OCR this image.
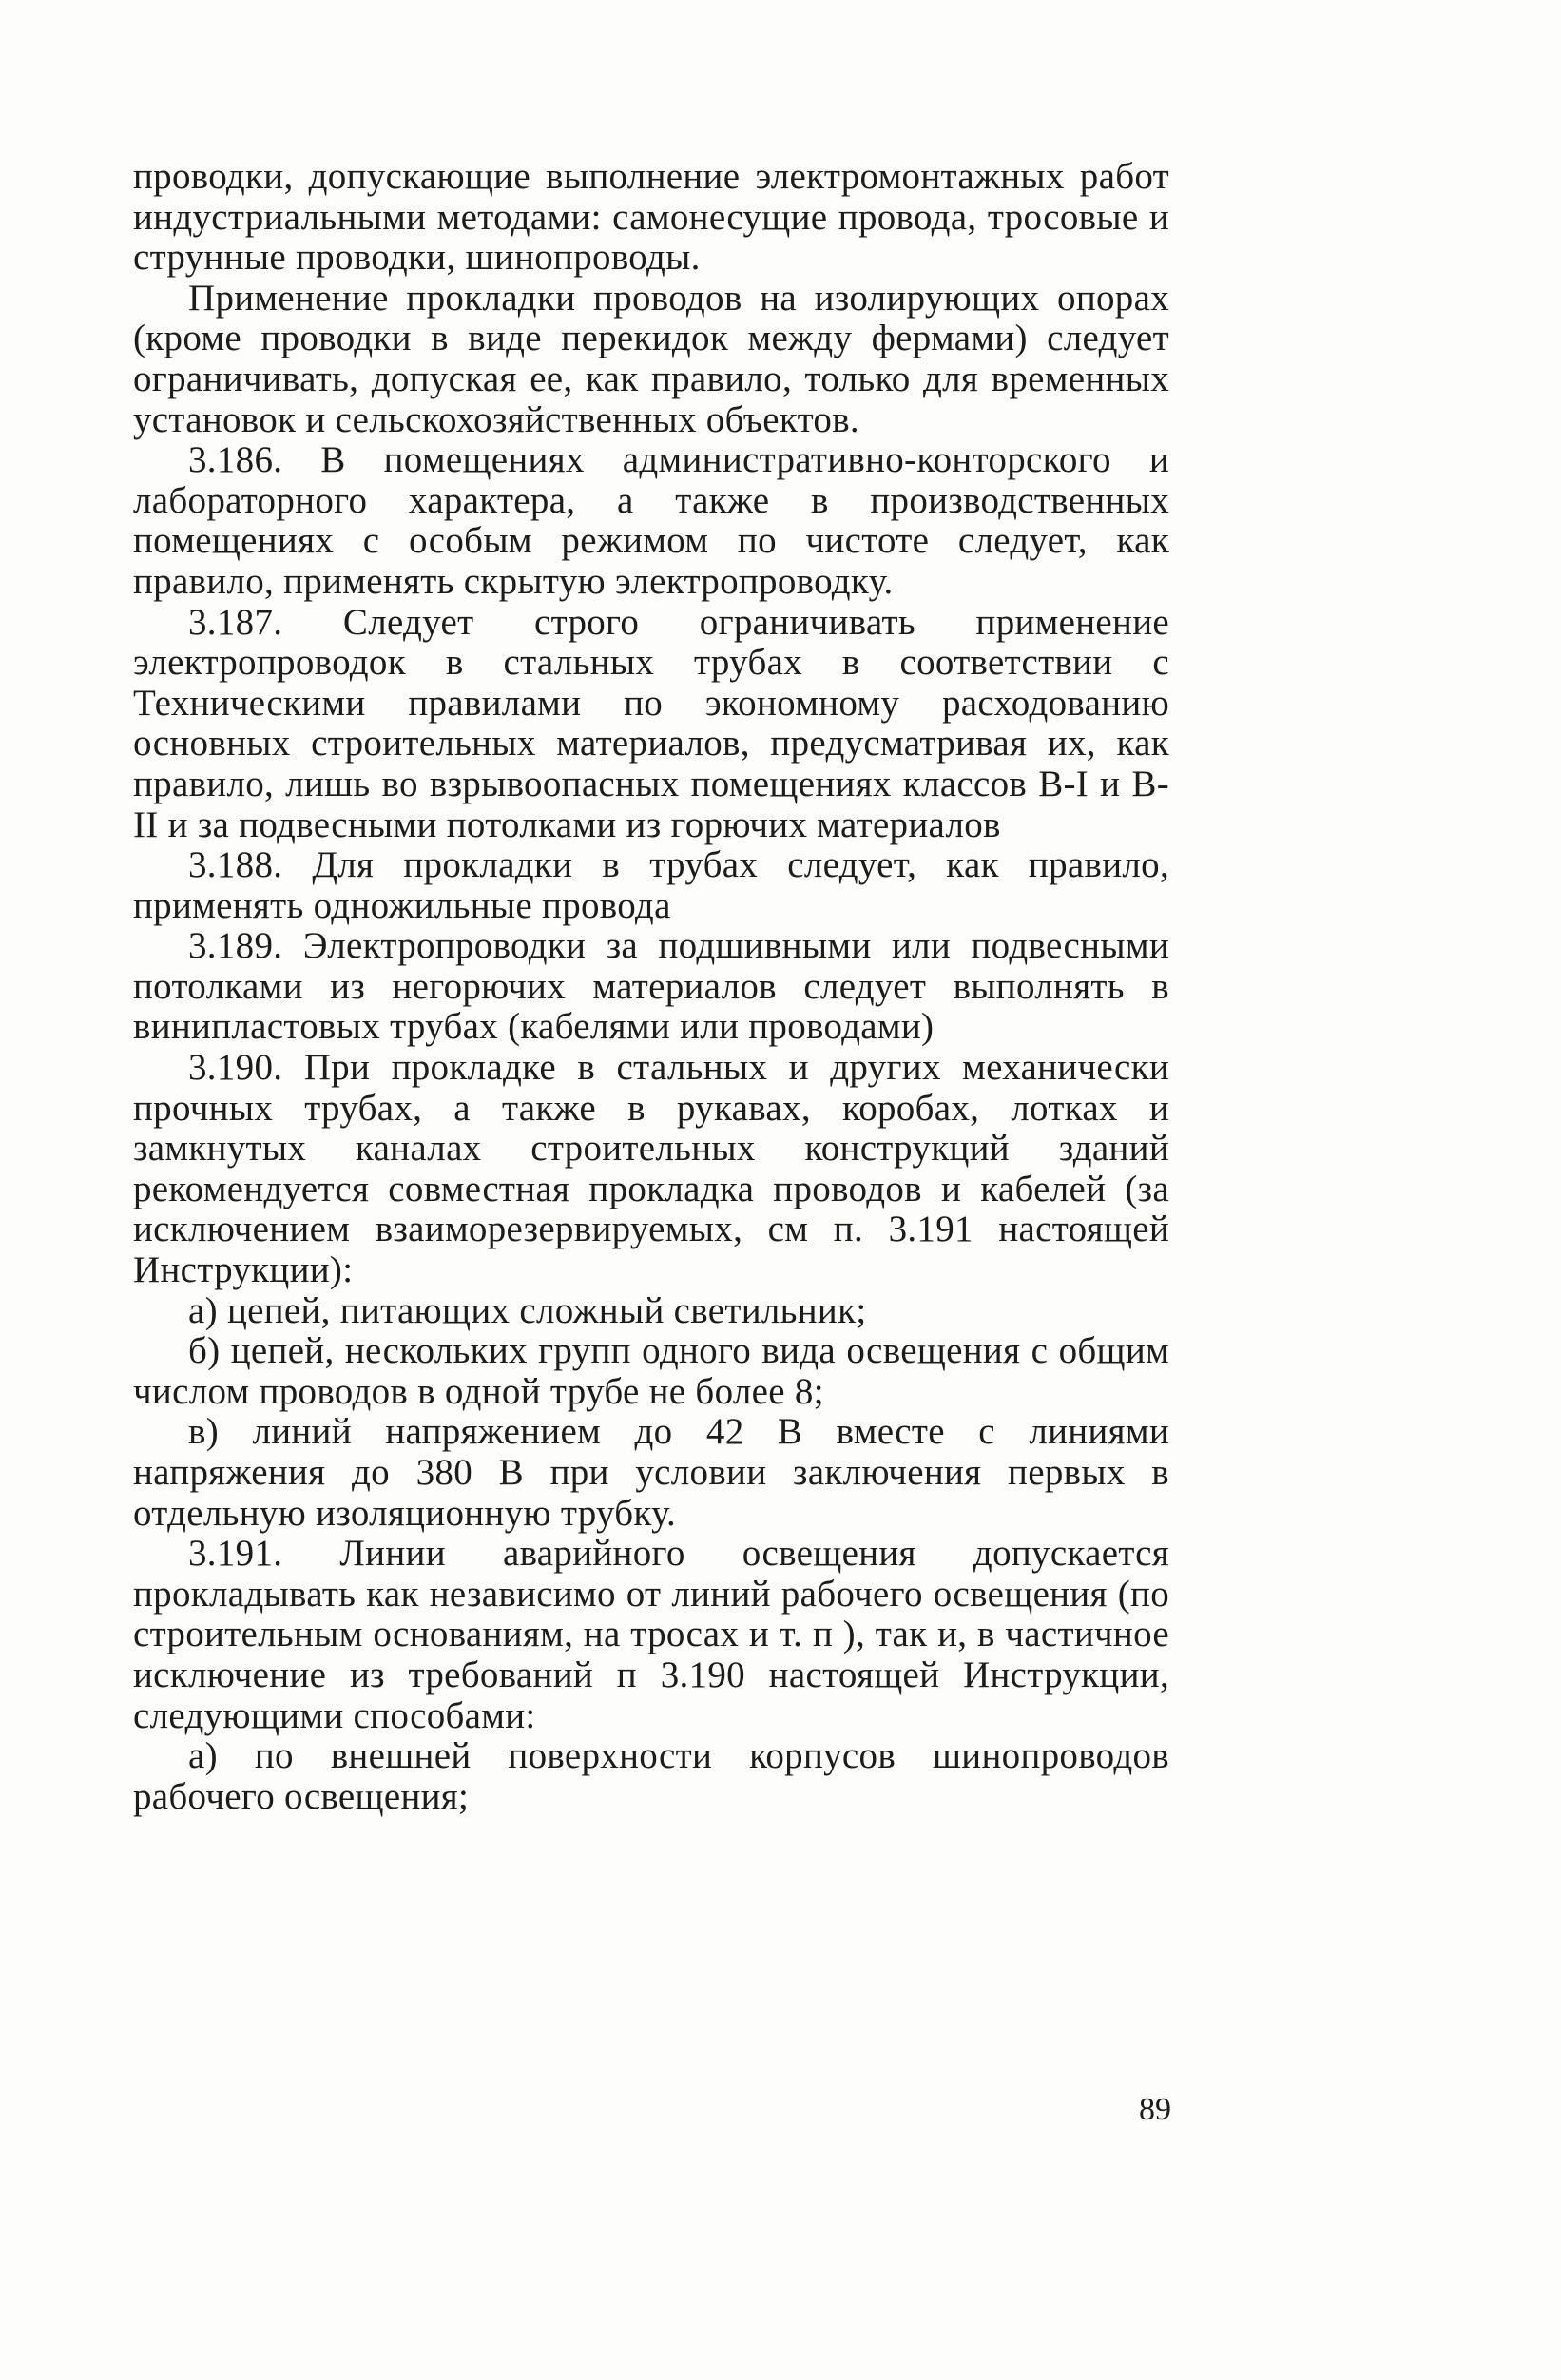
проводки, допускающие выполнение электромонтажных работ индустриальными методами: самонесущие провода, тросовые и струнные проводки, шинопроводы.

Применение прокладки проводов на изолирующих опорах (кроме проводки в виде перекидок между фермами) следует ограничивать, допуская ее, как правило, только для временных установок и сельскохозяйственных объектов.

3.186. В помещениях административно-конторского и лабораторного характера, а также в производственных помещениях с особым режимом по чистоте следует, как правило, применять скрытую электропроводку.

3.187. Следует строго ограничивать применение электропроводок в стальных трубах в соответствии с Техническими правилами по экономному расходованию основных строительных материалов, предусматривая их, как правило, лишь во взрывоопасных помещениях классов В-I и В-II и за подвесными потолками из горючих материалов

3.188. Для прокладки в трубах следует, как правило, применять одножильные провода

3.189. Электропроводки за подшивными или подвесными потолками из негорючих материалов следует выполнять в винипластовых трубах (кабелями или проводами)

3.190. При прокладке в стальных и других механически прочных трубах, а также в рукавах, коробах, лотках и замкнутых каналах строительных конструкций зданий рекомендуется совместная прокладка проводов и кабелей (за исключением взаиморезервируемых, см п. 3.191 настоящей Инструкции):

а) цепей, питающих сложный светильник;

б) цепей, нескольких групп одного вида освещения с общим числом проводов в одной трубе не более 8;

в) линий напряжением до 42 В вместе с линиями напряжения до 380 В при условии заключения первых в отдельную изоляционную трубку.

3.191. Линии аварийного освещения допускается прокладывать как независимо от линий рабочего освещения (по строительным основаниям, на тросах и т. п ), так и, в частичное исключение из требований п 3.190 настоящей Инструкции, следующими способами:

а) по внешней поверхности корпусов шинопроводов рабочего освещения;

89
